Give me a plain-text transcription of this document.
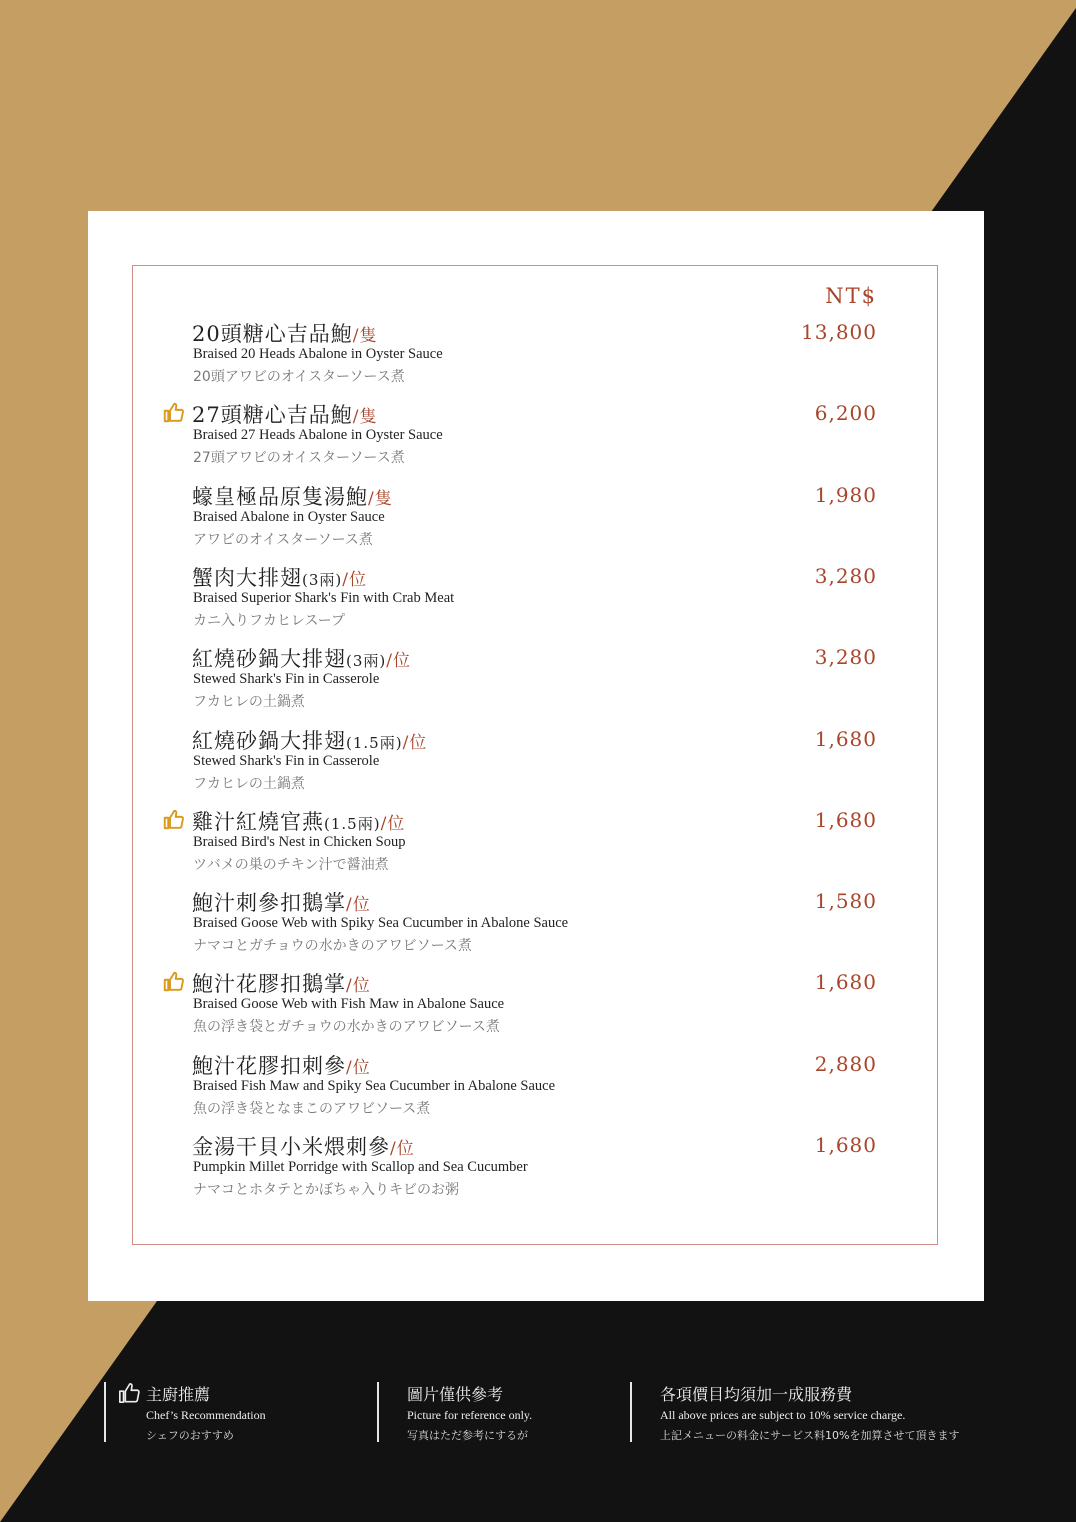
NT$
20頭糖心吉品鮑/隻
Braised 20 Heads Abalone in Oyster Sauce
20頭アワビのオイスターソース煮
13,800
27頭糖心吉品鮑/隻
Braised 27 Heads Abalone in Oyster Sauce
27頭アワビのオイスターソース煮
6,200
蠔皇極品原隻湯鮑/隻
Braised Abalone in Oyster Sauce
アワビのオイスターソース煮
1,980
蟹肉大排翅(3兩)/位
Braised Superior Shark's Fin with Crab Meat
カニ入りフカヒレスープ
3,280
紅燒砂鍋大排翅(3兩)/位
Stewed Shark's Fin in Casserole
フカヒレの土鍋煮
3,280
紅燒砂鍋大排翅(1.5兩)/位
Stewed Shark's Fin in Casserole
フカヒレの土鍋煮
1,680
雞汁紅燒官燕(1.5兩)/位
Braised Bird's Nest in Chicken Soup
ツバメの巣のチキン汁で醤油煮
1,680
鮑汁刺參扣鵝掌/位
Braised Goose Web with Spiky Sea Cucumber in Abalone Sauce
ナマコとガチョウの水かきのアワビソース煮
1,580
鮑汁花膠扣鵝掌/位
Braised Goose Web with Fish Maw in Abalone Sauce
魚の浮き袋とガチョウの水かきのアワビソース煮
1,680
鮑汁花膠扣刺參/位
Braised Fish Maw and Spiky Sea Cucumber in Abalone Sauce
魚の浮き袋となまこのアワビソース煮
2,880
金湯干貝小米煨刺參/位
Pumpkin Millet Porridge with Scallop and Sea Cucumber
ナマコとホタテとかぼちゃ入りキビのお粥
1,680
主廚推薦
Chef’s Recommendation
シェフのおすすめ
圖片僅供參考
Picture for reference only.
写真はただ参考にするが
各項價目均須加一成服務費
All above prices are subject to 10% service charge.
上記メニューの料金にサービス料10%を加算させて頂きます
